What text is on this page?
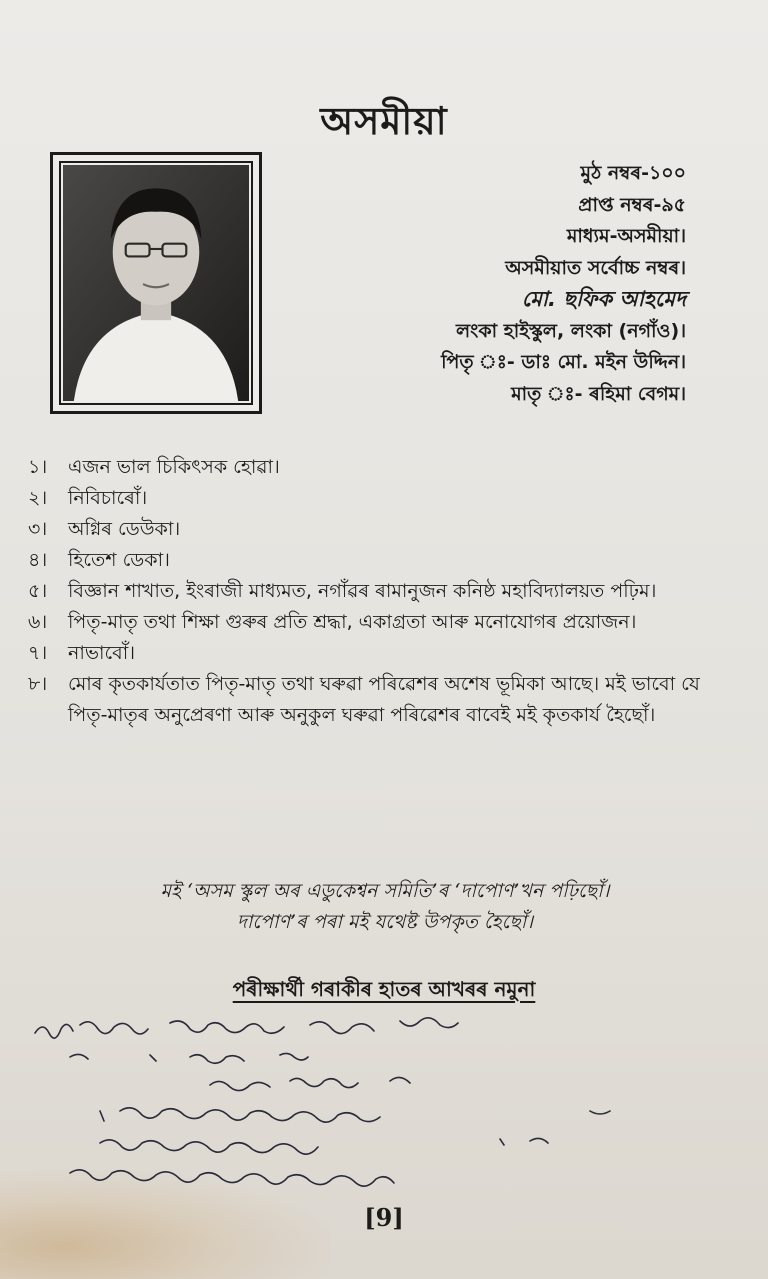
অসমীয়া
মুঠ নম্বৰ-১০০
প্ৰাপ্ত নম্বৰ-৯৫
মাধ্যম-অসমীয়া।
অসমীয়াত সৰ্বোচ্চ নম্বৰ।
মো. ছফিক আহমেদ
লংকা হাইস্কুল, লংকা (নগাঁও)।
পিতৃ ঃ- ডাঃ মো. মইন উদ্দিন।
মাতৃ ঃ- ৰহিমা বেগম।
১।	এজন ভাল চিকিৎসক হোৱা।
২।	নিবিচাৰোঁ।
৩।	অগ্নিৰ ডেউকা।
৪।	হিতেশ ডেকা।
৫।	বিজ্ঞান শাখাত, ইংৰাজী মাধ্যমত, নগাঁৱৰ ৰামানুজন কনিষ্ঠ মহাবিদ্যালয়ত পঢ়িম।
৬।	পিতৃ-মাতৃ তথা শিক্ষা গুৰুৰ প্ৰতি শ্ৰদ্ধা, একাগ্ৰতা আৰু মনোযোগৰ প্ৰয়োজন।
৭।	নাভাবোঁ।
৮।	মোৰ কৃতকাৰ্যতাত পিতৃ-মাতৃ তথা ঘৰুৱা পৰিৱেশৰ অশেষ ভূমিকা আছে। মই ভাবো যে পিতৃ-মাতৃৰ অনুপ্ৰেৰণা আৰু অনুকুল ঘৰুৱা পৰিৱেশৰ বাবেই মই কৃতকাৰ্য হৈছোঁ।
মই ‘অসম স্কুল অৰ এডুকেশ্বন সমিতি’ৰ ‘দাপোণ’খন পঢ়িছোঁ।
দাপোণ’ৰ পৰা মই যথেষ্ট উপকৃত হৈছোঁ।
পৰীক্ষাৰ্থী গৰাকীৰ হাতৰ আখৰৰ নমুনা
[9]
